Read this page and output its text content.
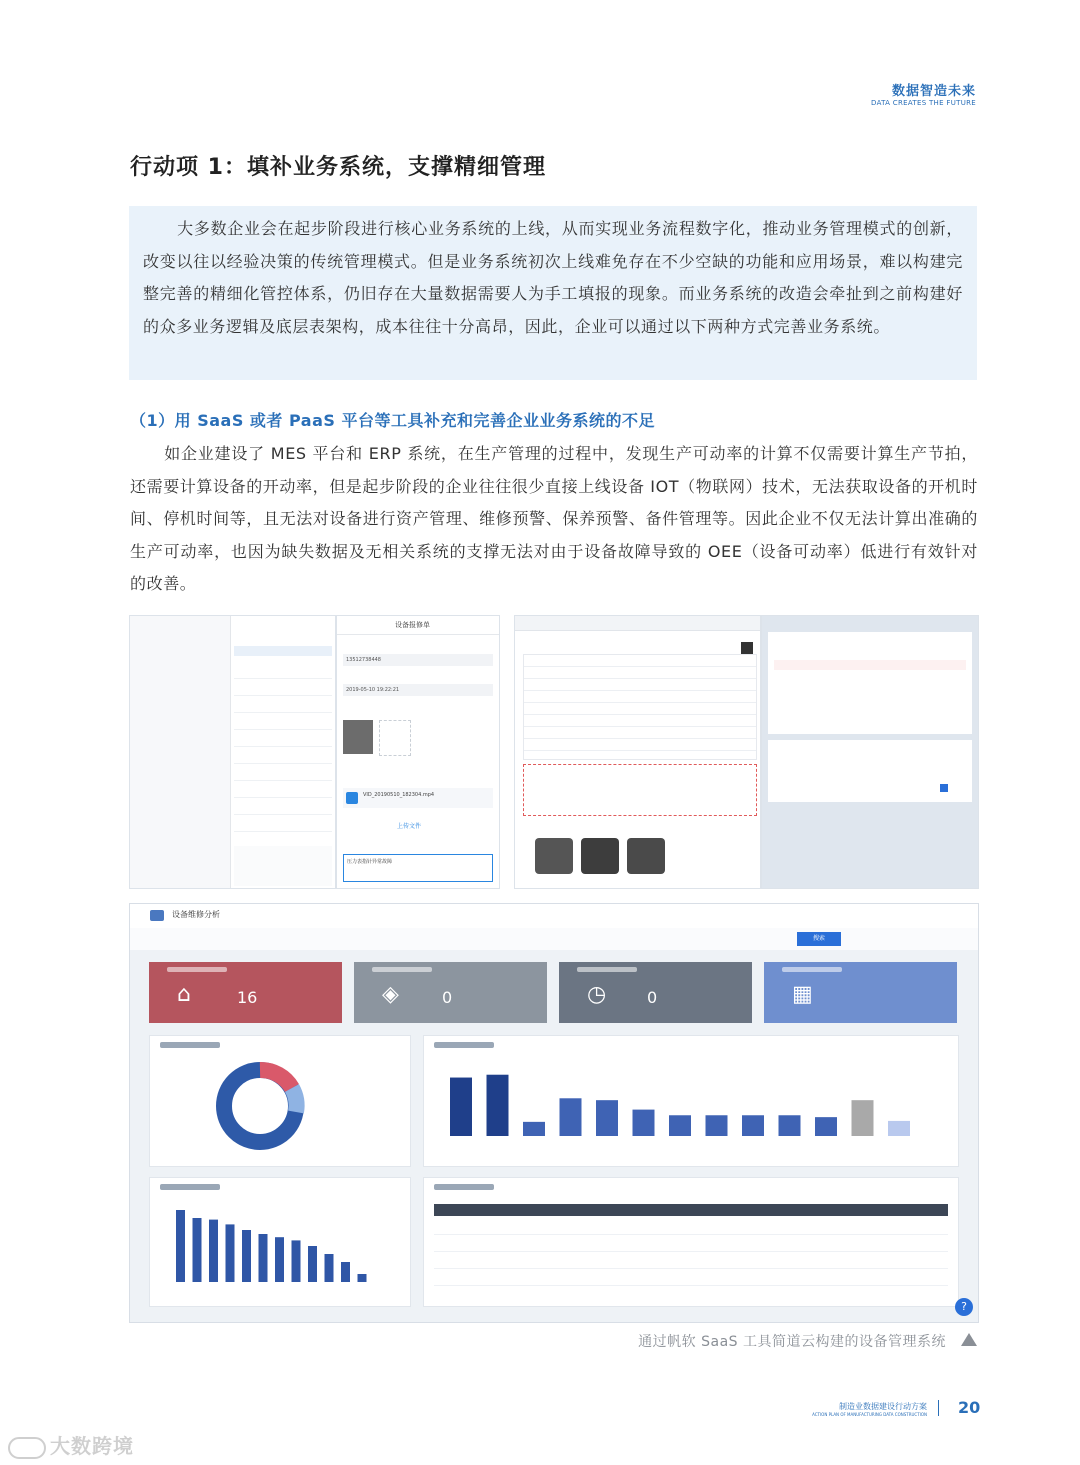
数据智造未来
DATA CREATES THE FUTURE
行动项 1：填补业务系统，支撑精细管理
大多数企业会在起步阶段进行核心业务系统的上线，从而实现业务流程数字化，推动业务管理模式的创新，改变以往以经验决策的传统管理模式。但是业务系统初次上线难免存在不少空缺的功能和应用场景，难以构建完整完善的精细化管控体系，仍旧存在大量数据需要人为手工填报的现象。而业务系统的改造会牵扯到之前构建好的众多业务逻辑及底层表架构，成本往往十分高昂，因此，企业可以通过以下两种方式完善业务系统。
（1）用 SaaS 或者 PaaS 平台等工具补充和完善企业业务系统的不足
如企业建设了 MES 平台和 ERP 系统，在生产管理的过程中，发现生产可动率的计算不仅需要计算生产节拍，还需要计算设备的开动率，但是起步阶段的企业往往很少直接上线设备 IOT（物联网）技术，无法获取设备的开机时间、停机时间等，且无法对设备进行资产管理、维修预警、保养预警、备件管理等。因此企业不仅无法计算出准确的生产可动率，也因为缺失数据及无相关系统的支撑无法对由于设备故障导致的 OEE（设备可动率）低进行有效针对的改善。
设备报修单
13512738448
2019-05-10 19:22:21
VID_20190510_182304.mp4
上传文件
压力表指针异常故障
设备维修分析
搜索
⌂	16	◈	0	◷	0	▦
?
通过帆软 SaaS 工具简道云构建的设备管理系统
制造业数据建设行动方案
ACTION PLAN OF MANUFACTURING DATA CONSTRUCTION 20
大数跨境
